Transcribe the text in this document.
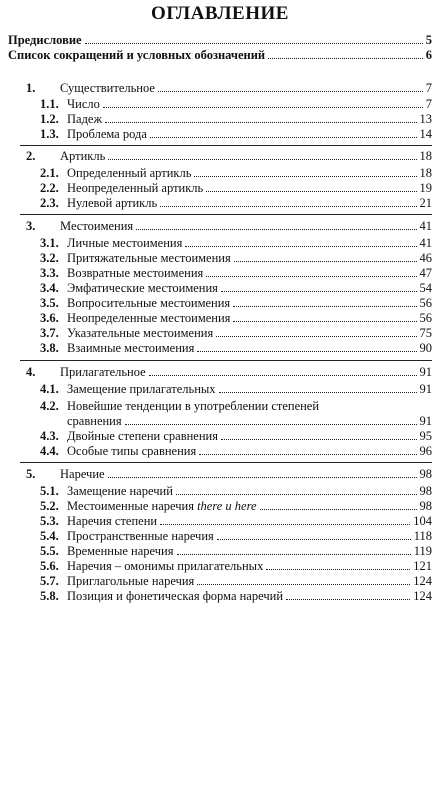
ОГЛАВЛЕНИЕ
Предисловие	5
Список сокращений и условных обозначений	6
1.	Существительное	7
1.1. Число	7
1.2. Падеж	13
1.3. Проблема рода	14
2.	Артикль	18
2.1. Определенный артикль	18
2.2. Неопределенный артикль	19
2.3. Нулевой артикль	21
3.	Местоимения	41
3.1. Личные местоимения	41
3.2. Притяжательные местоимения	46
3.3. Возвратные местоимения	47
3.4. Эмфатические местоимения	54
3.5. Вопросительные местоимения	56
3.6. Неопределенные местоимения	56
3.7. Указательные местоимения	75
3.8. Взаимные местоимения	90
4.	Прилагательное	91
4.1. Замещение прилагательных	91
4.2. Новейшие тенденции в употреблении степеней
сравнения	91
4.3. Двойные степени сравнения	95
4.4. Особые типы сравнения	96
5.	Наречие	98
5.1. Замещение наречий	98
5.2. Местоименные наречия there и here	98
5.3. Наречия степени	104
5.4. Пространственные наречия	118
5.5. Временные наречия	119
5.6. Наречия – омонимы прилагательных	121
5.7. Приглагольные наречия	124
5.8. Позиция и фонетическая форма наречий	124
